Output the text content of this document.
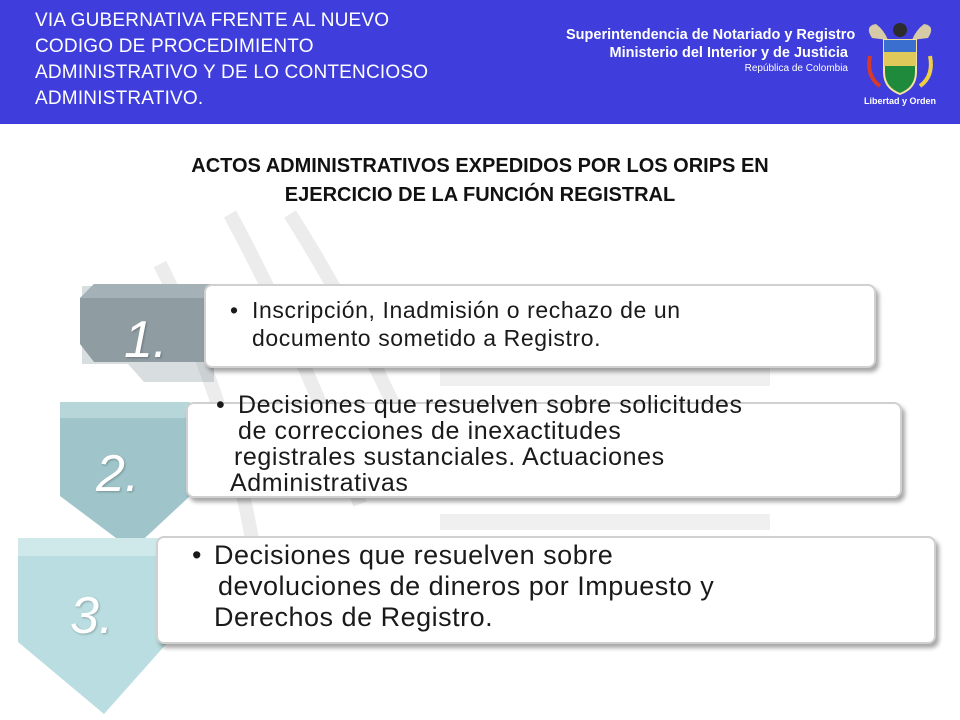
VIA GUBERNATIVA FRENTE AL NUEVO
CODIGO DE PROCEDIMIENTO
ADMINISTRATIVO Y DE LO CONTENCIOSO
ADMINISTRATIVO.
Superintendencia de Notariado y Registro
Ministerio del Interior y de Justicia
República de Colombia
Libertad y Orden
ACTOS ADMINISTRATIVOS EXPEDIDOS POR LOS ORIPS EN
EJERCICIO DE LA FUNCIÓN REGISTRAL
1.
• Inscripción, Inadmisión o rechazo de un
documento sometido a Registro.
2.
• Decisiones que resuelven sobre solicitudes
de correcciones de inexactitudes
registrales sustanciales. Actuaciones
Administrativas
3.
• Decisiones que resuelven sobre
devoluciones de dineros por Impuesto y
Derechos de Registro.
